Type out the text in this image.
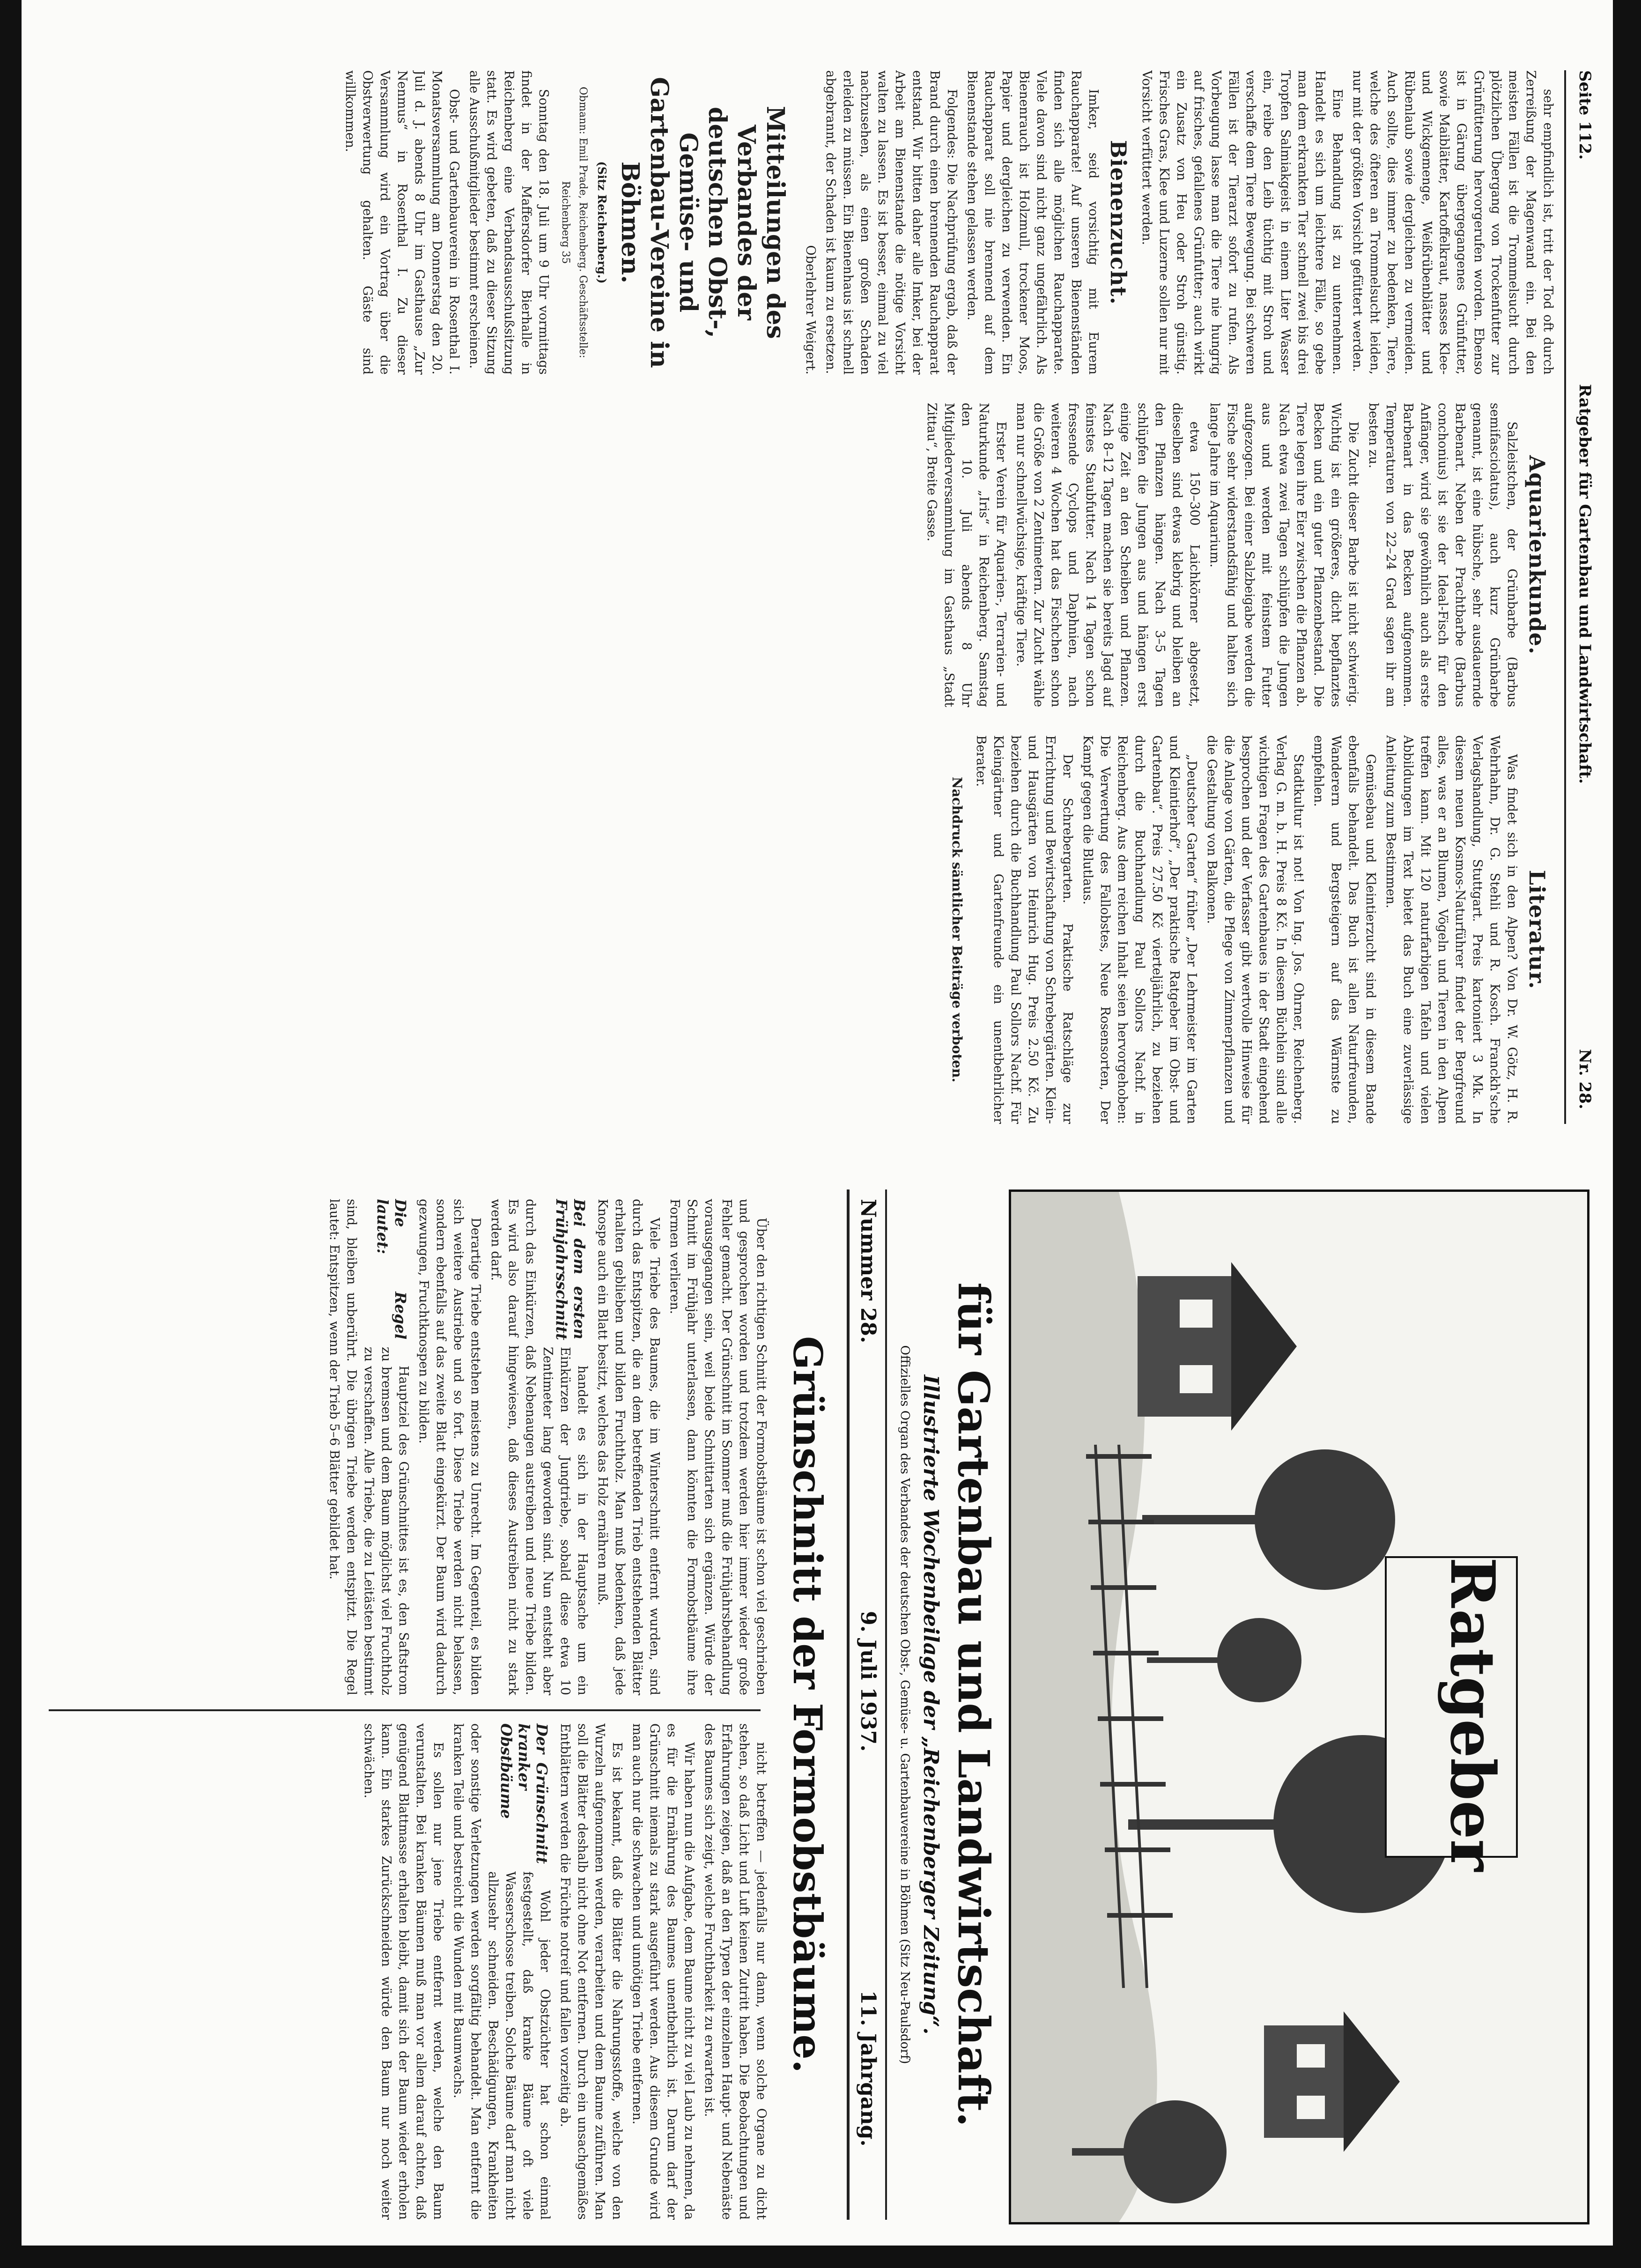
Seite 112.
Ratgeber für Gartenbau und Landwirtschaft.
Nr. 28.

sehr empfindlich ist, tritt der Tod oft durch Zerreißung der Magenwand ein. Bei den meisten Fällen ist die Trommelsucht durch plötzlichen Übergang von Trockenfutter zur Grünfütterung hervorgerufen worden. Ebenso ist in Gärung übergegangenes Grünfutter, sowie Maiblätter, Kartoffelkraut, nasses Klee- und Wickgemenge, Weißrübenblätter und Rübenlaub sowie dergleichen zu vermeiden. Auch sollte, dies immer zu bedenken, Tiere, welche des öfteren an Trommelsucht leiden, nur mit der größten Vorsicht gefüttert werden.

Eine Behandlung ist zu unternehmen. Handelt es sich um leichtere Fälle, so gebe man dem erkrankten Tier schnell zwei bis drei Tropfen Salmiakgeist in einem Liter Wasser ein, reibe den Leib tüchtig mit Stroh und verschaffe dem Tiere Bewegung. Bei schweren Fällen ist der Tierarzt sofort zu rufen. Als Vorbeugung lasse man die Tiere nie hungrig auf frisches, gefallenes Grünfutter; auch wirkt ein Zusatz von Heu oder Stroh günstig. Frisches Gras, Klee und Luzerne sollen nur mit Vorsicht verfüttert werden.

Bienenzucht.

Imker, seid vorsichtig mit Eurem Rauchapparate! Auf unseren Bienenständen finden sich alle möglichen Rauchapparate. Viele davon sind nicht ganz ungefährlich. Als Bienenrauch ist Holzmull, trockener Moos, Papier und dergleichen zu verwenden. Ein Rauchapparat soll nie brennend auf dem Bienenstande stehen gelassen werden.

Folgendes: Die Nachprüfung ergab, daß der Brand durch einen brennenden Rauchapparat entstand. Wir bitten daher alle Imker, bei der Arbeit am Bienenstande die nötige Vorsicht walten zu lassen. Es ist besser, einmal zu viel nachzusehen, als einen großen Schaden erleiden zu müssen. Ein Bienenhaus ist schnell abgebrannt, der Schaden ist kaum zu ersetzen.

Oberlehrer Weigert.

Mitteilungen des Verbandes der deutschen Obst-, Gemüse- und Gartenbau-Vereine in Böhmen.
(Sitz Reichenberg.)
Obmann: Emil Prade, Reichenberg. Geschäftsstelle: Reichenberg 35

Sonntag den 18. Juli um 9 Uhr vormittags findet in der Maffersdorfer Bierhalle in Reichenberg eine Verbandsausschußsitzung statt. Es wird gebeten, daß zu dieser Sitzung alle Ausschußmitglieder bestimmt erscheinen.

Obst- und Gartenbauverein in Rosenthal I. Monatsversammlung am Donnerstag den 20. Juli d. J. abends 8 Uhr im Gasthause „Zur Nenmus“ in Rosenthal I. Zu dieser Versammlung wird ein Vortrag über die Obstverwertung gehalten. Gäste sind willkommen.

Aquarienkunde.

Salzleistchen, der Grünbarbe (Barbus semifasciolatus), auch kurz Grünbarbe genannt, ist eine hübsche, sehr ausdauernde Barbenart. Neben der Prachtbarbe (Barbus conchonius) ist sie der Ideal-Fisch für den Anfänger, wird sie gewöhnlich auch als erste Barbenart in das Becken aufgenommen. Temperaturen von 22–24 Grad sagen ihr am besten zu.

Die Zucht dieser Barbe ist nicht schwierig. Wichtig ist ein größeres, dicht bepflanztes Becken und ein guter Pflanzenbestand. Die Tiere legen ihre Eier zwischen die Pflanzen ab. Nach etwa zwei Tagen schlüpfen die Jungen aus und werden mit feinstem Futter aufgezogen. Bei einer Salzbeigabe werden die Fische sehr widerstandsfähig und halten sich lange Jahre im Aquarium.

etwa 150–300 Laichkörner abgesetzt, dieselben sind etwas klebrig und bleiben an den Pflanzen hängen. Nach 3–5 Tagen schlüpfen die Jungen aus und hängen erst einige Zeit an den Scheiben und Pflanzen. Nach 8–12 Tagen machen sie bereits Jagd auf feinstes Staubfutter. Nach 14 Tagen schon fressende Cyclops und Daphnien, nach weiteren 4 Wochen hat das Fischchen schon die Größe von 2 Zentimetern. Zur Zucht wähle man nur schnellwüchsige, kräftige Tiere.

Erster Verein für Aquarien-, Terrarien- und Naturkunde „Iris“ in Reichenberg. Samstag den 10. Juli abends 8 Uhr Mitgliederversammlung im Gasthaus „Stadt Zittau“, Breite Gasse.

Literatur.

Was findet sich in den Alpen? Von Dr. W. Götz, H. R. Wehrhahn, Dr. G. Stehli und R. Kosch. Franckh'sche Verlagshandlung, Stuttgart. Preis kartoniert 3 Mk. In diesem neuen Kosmos-Naturführer findet der Bergfreund alles, was er an Blumen, Vögeln und Tieren in den Alpen treffen kann. Mit 120 naturfarbigen Tafeln und vielen Abbildungen im Text bietet das Buch eine zuverlässige Anleitung zum Bestimmen.

Gemüsebau und Kleintierzucht sind in diesem Bande ebenfalls behandelt. Das Buch ist allen Naturfreunden, Wanderern und Bergsteigern auf das Wärmste zu empfehlen.

Stadtkultur ist not! Von Ing. Jos. Ohrner, Reichenberg. Verlag G. m. b. H. Preis 8 Kč. In diesem Büchlein sind alle wichtigen Fragen des Gartenbaues in der Stadt eingehend besprochen und der Verfasser gibt wertvolle Hinweise für die Anlage von Gärten, die Pflege von Zimmerpflanzen und die Gestaltung von Balkonen.

„Deutscher Garten“ früher „Der Lehrmeister im Garten und Kleintierhof“, „Der praktische Ratgeber im Obst- und Gartenbau“. Preis 27.50 Kč vierteljährlich, zu beziehen durch die Buchhandlung Paul Sollors Nachf. in Reichenberg. Aus dem reichen Inhalt seien hervorgehoben: Die Verwertung des Fallobstes, Neue Rosensorten, Der Kampf gegen die Blutlaus.

Der Schrebergarten. Praktische Ratschläge zur Errichtung und Bewirtschaftung von Schrebergärten. Klein- und Hausgärten von Heinrich Hug. Preis 2.50 Kč. Zu beziehen durch die Buchhandlung Paul Sollors Nachf. Für Kleingärtner und Gartenfreunde ein unentbehrlicher Berater.

Nachdruck sämtlicher Beiträge verboten.
Ratgeber
für Gartenbau und Landwirtschaft.
Illustrierte Wochenbeilage der „Reichenberger Zeitung“.
Offizielles Organ des Verbandes der deutschen Obst-, Gemüse- u. Gartenbauvereine in Böhmen (Sitz Neu-Paulsdorf)
Nummer 28.
9. Juli 1937.
11. Jahrgang.
Grünschnitt der Formobstbäume.

Über den richtigen Schnitt der Formobstbäume ist schon viel geschrieben und gesprochen worden und trotzdem werden hier immer wieder große Fehler gemacht. Der Grünschnitt im Sommer muß die Frühjahrsbehandlung vorausgegangen sein, weil beide Schnittarten sich ergänzen. Würde der Schnitt im Frühjahr unterlassen, dann könnten die Formobstbäume ihre Formen verlieren.

Viele Triebe des Baumes, die im Winterschnitt entfernt wurden, sind durch das Entspitzen, die an dem betreffenden Trieb entstehenden Blätter erhalten geblieben und bilden Fruchtholz. Man muß bedenken, daß jede Knospe auch ein Blatt besitzt, welches das Holz ernähren muß.

Bei dem ersten Frühjahrsschnitt

handelt es sich in der Hauptsache um ein Einkürzen der Jungtriebe, sobald diese etwa 10 Zentimeter lang geworden sind. Nun entsteht aber durch das Einkürzen, daß Nebenaugen austreiben und neue Triebe bilden. Es wird also darauf hingewiesen, daß dieses Austreiben nicht zu stark werden darf.

Derartige Triebe entstehen meistens zu Unrecht. Im Gegenteil, es bilden sich weitere Austriebe und so fort. Diese Triebe werden nicht belassen, sondern ebenfalls auf das zweite Blatt eingekürzt. Der Baum wird dadurch gezwungen, Fruchtknospen zu bilden.

Die Regel lautet:

Hauptziel des Grünschnittes ist es, den Saftstrom zu bremsen und dem Baum möglichst viel Fruchtholz zu verschaffen. Alle Triebe, die zu Leitästen bestimmt sind, bleiben unberührt. Die übrigen Triebe werden entspitzt. Die Regel lautet: Entspitzen, wenn der Trieb 5–6 Blätter gebildet hat.

nicht betreffen — jedenfalls nur dann, wenn solche Organe zu dicht stehen, so daß Licht und Luft keinen Zutritt haben. Die Beobachtungen und Erfahrungen zeigen, daß an den Typen der einzelnen Haupt- und Nebenäste des Baumes sich zeigt, welche Fruchtbarkeit zu erwarten ist.

Wir haben nun die Aufgabe, dem Baume nicht zu viel Laub zu nehmen, da es für die Ernährung des Baumes unentbehrlich ist. Darum darf der Grünschnitt niemals zu stark ausgeführt werden. Aus diesem Grunde wird man auch nur die schwachen und unnötigen Triebe entfernen.

Es ist bekannt, daß die Blätter die Nahrungsstoffe, welche von den Wurzeln aufgenommen werden, verarbeiten und dem Baume zuführen. Man soll die Blätter deshalb nicht ohne Not entfernen. Durch ein unsachgemäßes Entblättern werden die Früchte notreif und fallen vorzeitig ab.

Der Grünschnitt kranker Obstbäume

Wohl jeder Obstzüchter hat schon einmal festgestellt, daß kranke Bäume oft viele Wasserschosse treiben. Solche Bäume darf man nicht allzusehr schneiden. Beschädigungen, Krankheiten oder sonstige Verletzungen werden sorgfältig behandelt. Man entfernt die kranken Teile und bestreicht die Wunden mit Baumwachs.

Es sollen nur jene Triebe entfernt werden, welche den Baum verunstalten. Bei kranken Bäumen muß man vor allem darauf achten, daß genügend Blattmasse erhalten bleibt, damit sich der Baum wieder erholen kann. Ein starkes Zurückschneiden würde den Baum nur noch weiter schwächen.
